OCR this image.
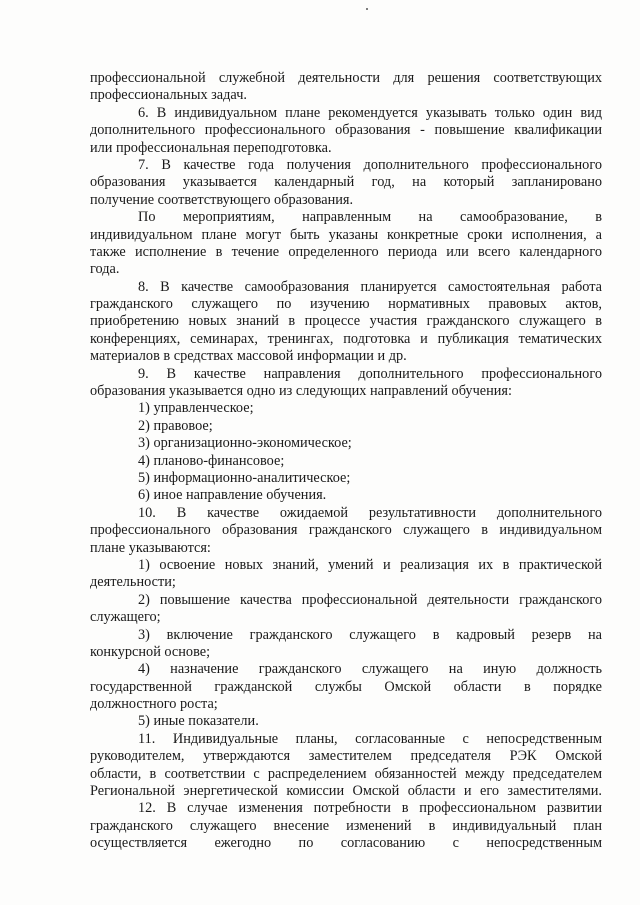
профессиональной служебной деятельности для решения соответствующих
профессиональных задач.
6. В индивидуальном плане рекомендуется указывать только один вид
дополнительного профессионального образования - повышение квалификации
или профессиональная переподготовка.
7. В качестве года получения дополнительного профессионального
образования указывается календарный год, на который запланировано
получение соответствующего образования.
По мероприятиям, направленным на самообразование, в
индивидуальном плане могут быть указаны конкретные сроки исполнения, а
также исполнение в течение определенного периода или всего календарного
года.
8. В качестве самообразования планируется самостоятельная работа
гражданского служащего по изучению нормативных правовых актов,
приобретению новых знаний в процессе участия гражданского служащего в
конференциях, семинарах, тренингах, подготовка и публикация тематических
материалов в средствах массовой информации и др.
9. В качестве направления дополнительного профессионального
образования указывается одно из следующих направлений обучения:
1) управленческое;
2) правовое;
3) организационно-экономическое;
4) планово-финансовое;
5) информационно-аналитическое;
6) иное направление обучения.
10. В качестве ожидаемой результативности дополнительного
профессионального образования гражданского служащего в индивидуальном
плане указываются:
1) освоение новых знаний, умений и реализация их в практической
деятельности;
2) повышение качества профессиональной деятельности гражданского
служащего;
3) включение гражданского служащего в кадровый резерв на
конкурсной основе;
4) назначение гражданского служащего на иную должность
государственной гражданской службы Омской области в порядке
должностного роста;
5) иные показатели.
11. Индивидуальные планы, согласованные с непосредственным
руководителем, утверждаются заместителем председателя РЭК Омской
области, в соответствии с распределением обязанностей между председателем
Региональной энергетической комиссии Омской области и его заместителями.
12. В случае изменения потребности в профессиональном развитии
гражданского служащего внесение изменений в индивидуальный план
осуществляется ежегодно по согласованию с непосредственным
